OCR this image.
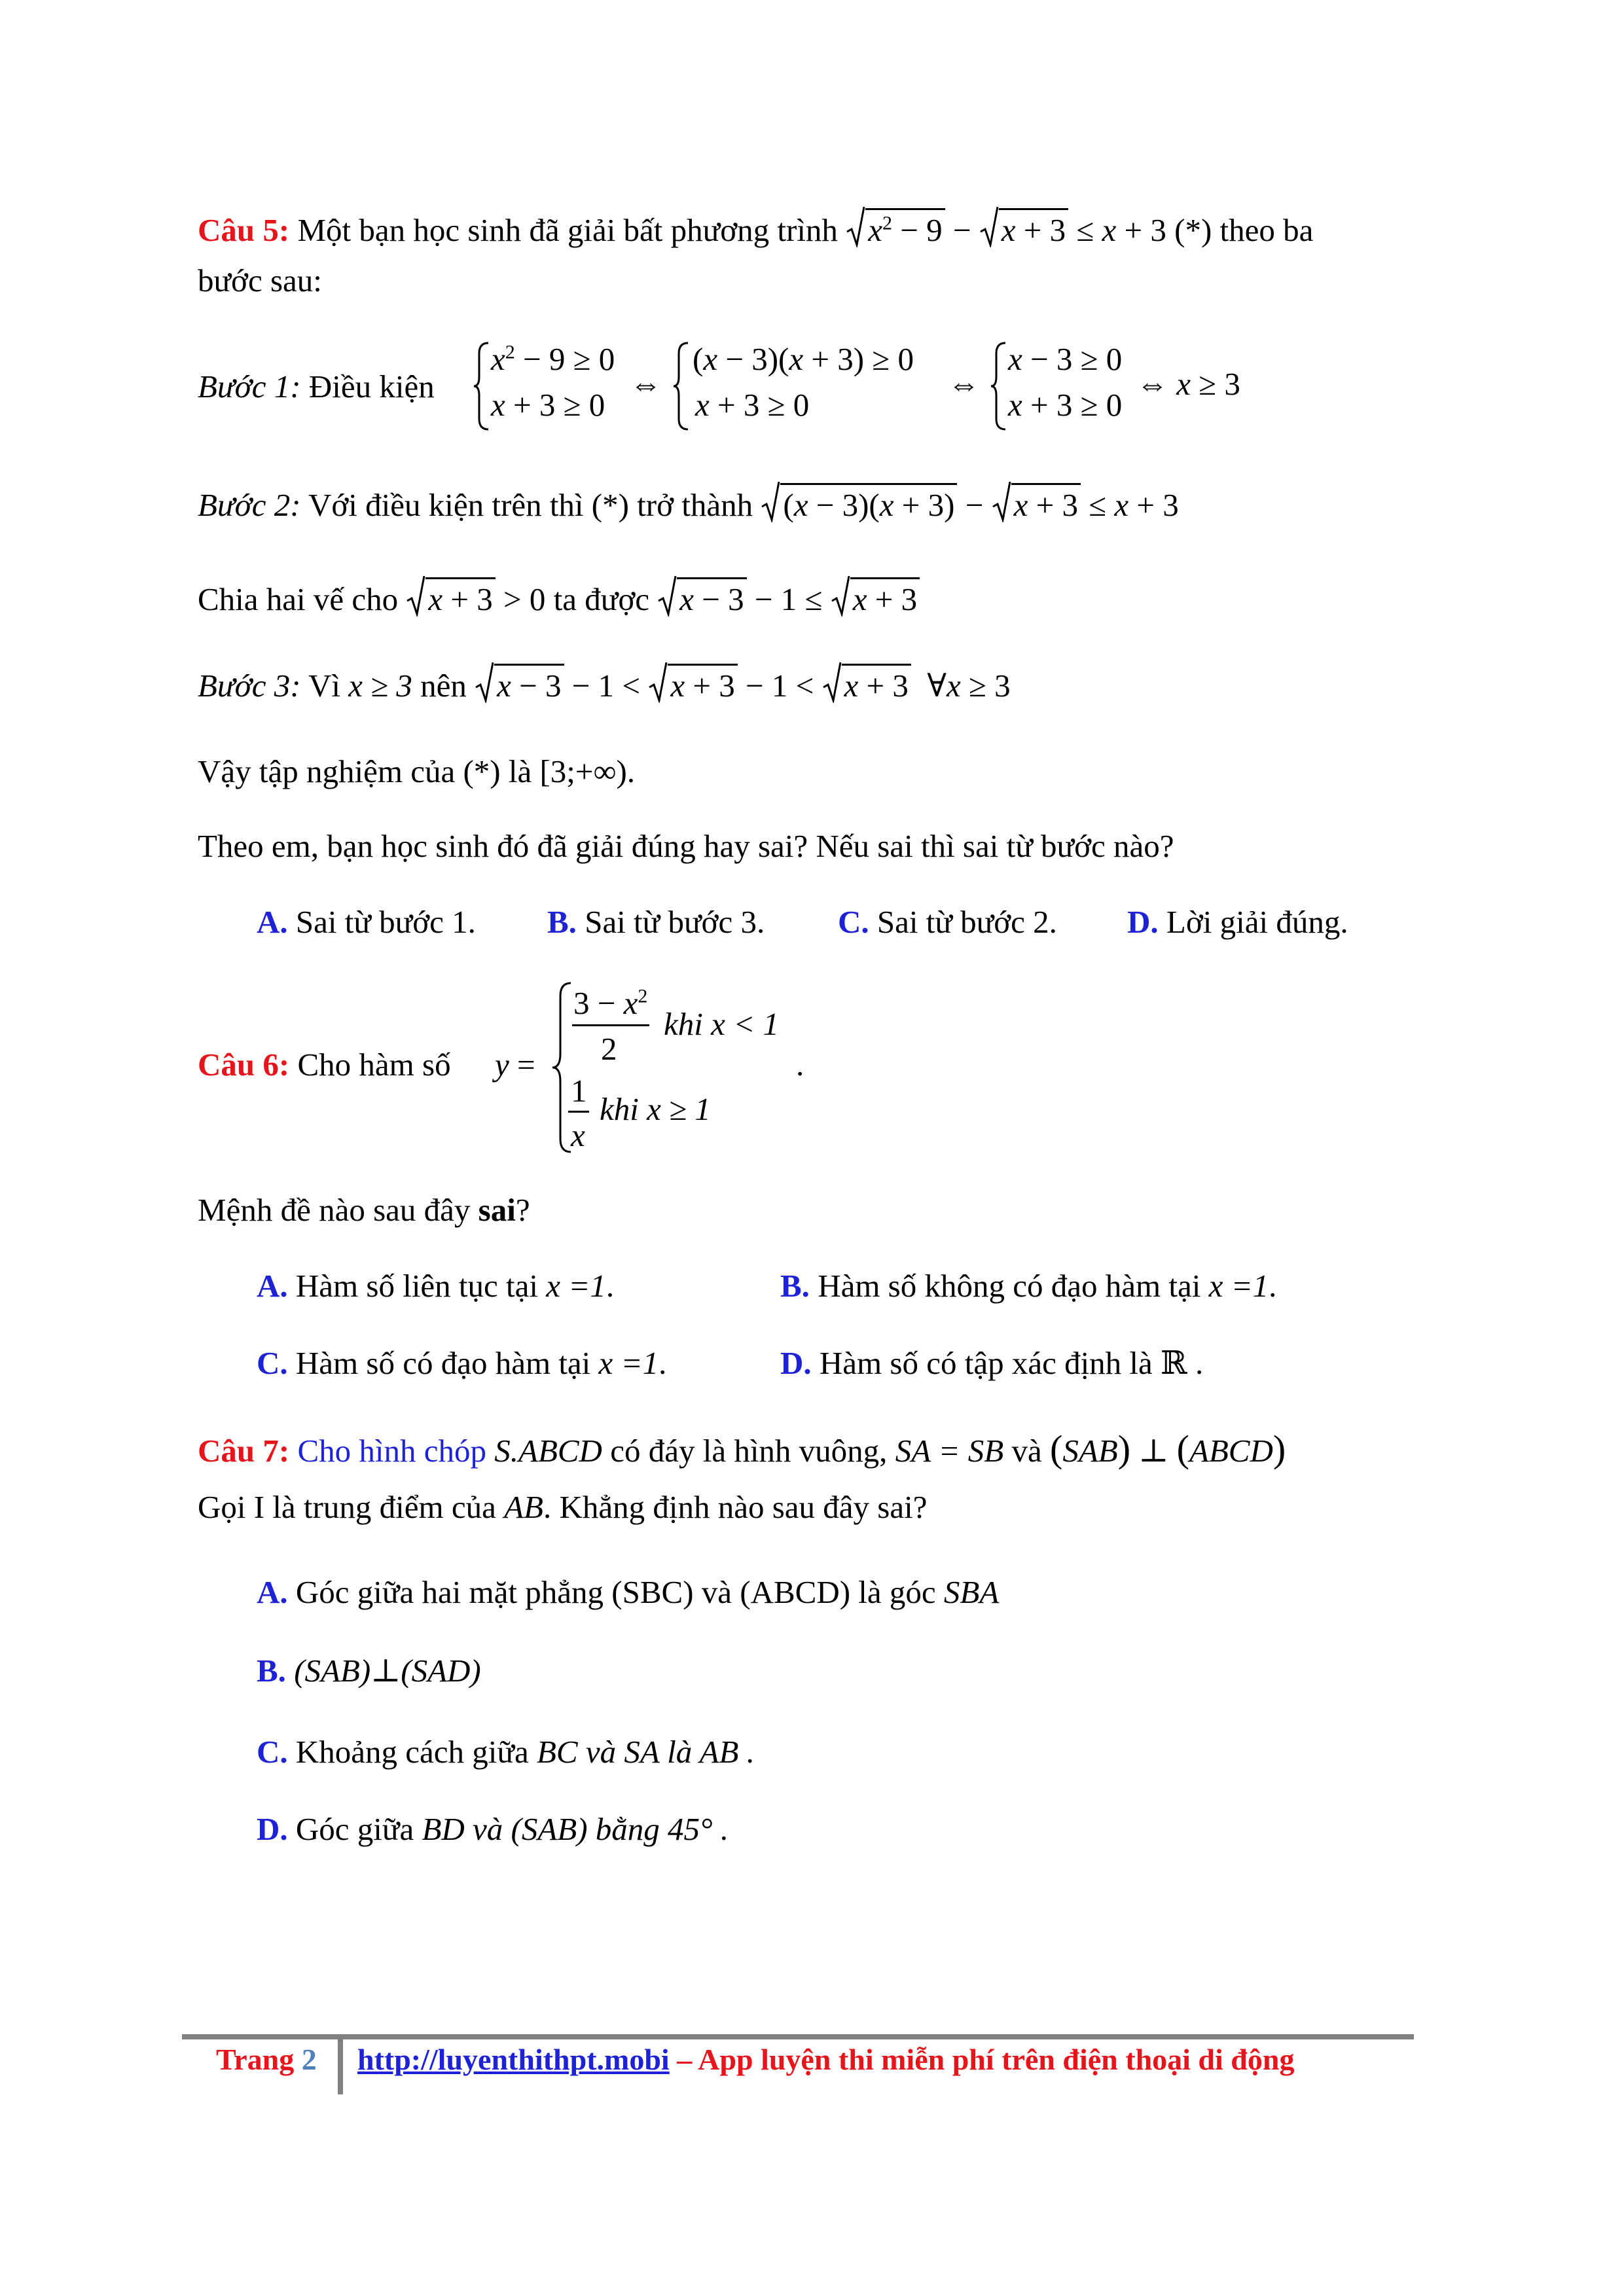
Câu 5: Một bạn học sinh đã giải bất phương trình $x^2 - 9$ −
x + 3 ≤ x + 3 (*) theo ba
bước sau:
Bước 1: Điều kiện
$x^2 - 9 \ge 0$
x + 3 ≥ 0
⇔
(x − 3)(x + 3) ≥ 0
x + 3 ≥ 0
⇔
x − 3 ≥ 0
x + 3 ≥ 0
⇔ x ≥ 3
Bước 2: Với điều kiện trên thì (*) trở thành (x − 3)(x + 3) −
x + 3 ≤ x + 3
Chia hai vế cho x + 3 > 0 ta được x − 3 − 1 ≤
x + 3
Bước 3: Vì x ≥ 3 nên x − 3 − 1 <
x + 3 − 1 <
x + 3  ∀x ≥ 3
Vậy tập nghiệm của (*) là [3;+∞).
Theo em, bạn học sinh đó đã giải đúng hay sai? Nếu sai thì sai từ bước nào?
A. Sai từ bước 1. B. Sai từ bước 3. C. Sai từ bước 2. D. Lời giải đúng.
Câu 6: Cho hàm số y =
$3 - x^2$
2
khi x < 1
1
x
khi x ≥ 1
.
Mệnh đề nào sau đây sai?
A. Hàm số liên tục tại x =1.	B. Hàm số không có đạo hàm tại x =1.
C. Hàm số có đạo hàm tại x =1.	D. Hàm số có tập xác định là ℝ .
Câu 7: Cho hình chóp S.ABCD có đáy là hình vuông, SA = SB và (SAB) ⊥ (ABCD)
Gọi I là trung điểm của AB. Khẳng định nào sau đây sai?
A. Góc giữa hai mặt phẳng (SBC) và (ABCD) là góc SBA
B. (SAB)⊥(SAD)
C. Khoảng cách giữa BC và SA là AB .
D. Góc giữa BD và (SAB) bằng 45° .
Trang 2 http://luyenthithpt.mobi – App luyện thi miễn phí trên điện thoại di động
